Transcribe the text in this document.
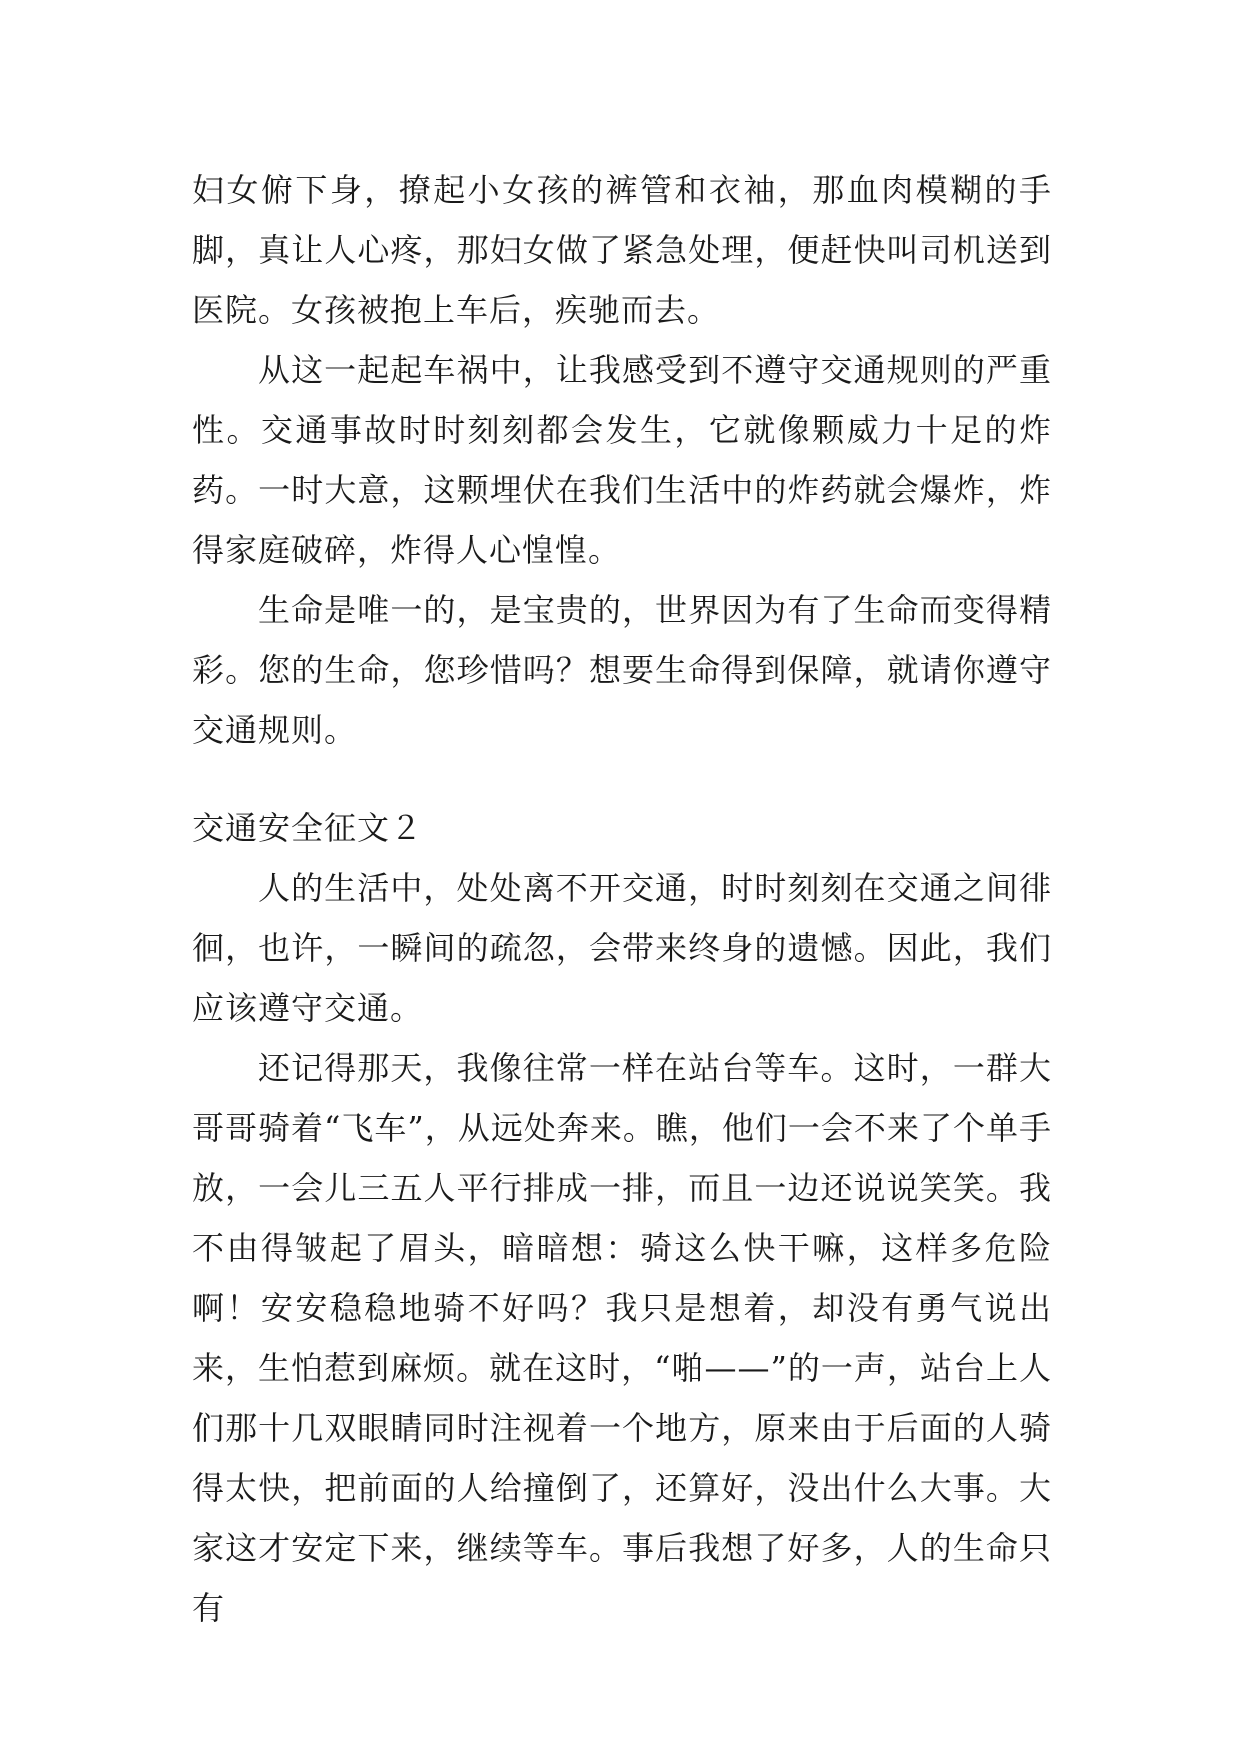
妇女俯下身，撩起小女孩的裤管和衣袖，那血肉模糊的手脚，真让人心疼，那妇女做了紧急处理，便赶快叫司机送到医院。女孩被抱上车后，疾驰而去。

从这一起起车祸中，让我感受到不遵守交通规则的严重性。交通事故时时刻刻都会发生，它就像颗威力十足的炸药。一时大意，这颗埋伏在我们生活中的炸药就会爆炸，炸得家庭破碎，炸得人心惶惶。

生命是唯一的，是宝贵的，世界因为有了生命而变得精彩。您的生命，您珍惜吗？想要生命得到保障，就请你遵守交通规则。

交通安全征文２

人的生活中，处处离不开交通，时时刻刻在交通之间徘徊，也许，一瞬间的疏忽，会带来终身的遗憾。因此，我们应该遵守交通。

还记得那天，我像往常一样在站台等车。这时，一群大哥哥骑着“飞车”，从远处奔来。瞧，他们一会不来了个单手放，一会儿三五人平行排成一排，而且一边还说说笑笑。我不由得皱起了眉头，暗暗想：骑这么快干嘛，这样多危险啊！安安稳稳地骑不好吗？我只是想着，却没有勇气说出来，生怕惹到麻烦。就在这时，“啪——”的一声，站台上人们那十几双眼睛同时注视着一个地方，原来由于后面的人骑得太快，把前面的人给撞倒了，还算好，没出什么大事。大家这才安定下来，继续等车。事后我想了好多，人的生命只有
